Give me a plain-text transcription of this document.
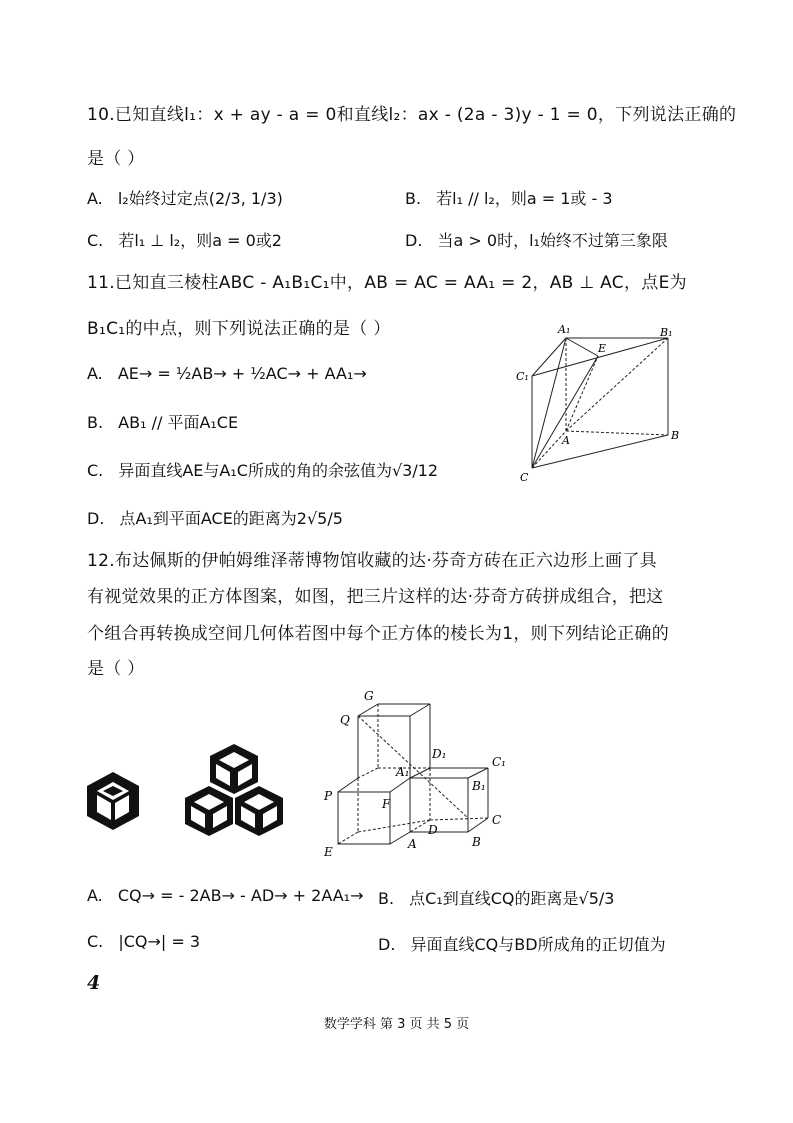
10.已知直线l₁：x + ay - a = 0和直线l₂：ax - (2a - 3)y - 1 = 0，下列说法正确的
是（ ）
A. l₂始终过定点(2/3, 1/3)	B. 若l₁ // l₂，则a = 1或 - 3
C. 若l₁ ⊥ l₂，则a = 0或2	D. 当a > 0时，l₁始终不过第三象限
11.已知直三棱柱ABC - A₁B₁C₁中，AB = AC = AA₁ = 2，AB ⊥ AC，点E为
B₁C₁的中点，则下列说法正确的是（ ）
A. AE→ = ½AB→ + ½AC→ + AA₁→
B. AB₁ // 平面A₁CE
C. 异面直线AE与A₁C所成的角的余弦值为√3/12
D. 点A₁到平面ACE的距离为2√5/5
A₁	B₁
E
C₁
A	B
C
12.布达佩斯的伊帕姆维泽蒂博物馆收藏的达·芬奇方砖在正六边形上画了具
有视觉效果的正方体图案，如图，把三片这样的达·芬奇方砖拼成组合，把这
个组合再转换成空间几何体若图中每个正方体的棱长为1，则下列结论正确的
是（ ）
G
Q
D₁
C₁
A₁
B₁
P
F
C
D
E
A	B
A. CQ→ = - 2AB→ - AD→ + 2AA₁→ B. 点C₁到直线CQ的距离是√5/3
C. |CQ→| = 3	D. 异面直线CQ与BD所成角的正切值为
4
数学学科 第 3 页 共 5 页
